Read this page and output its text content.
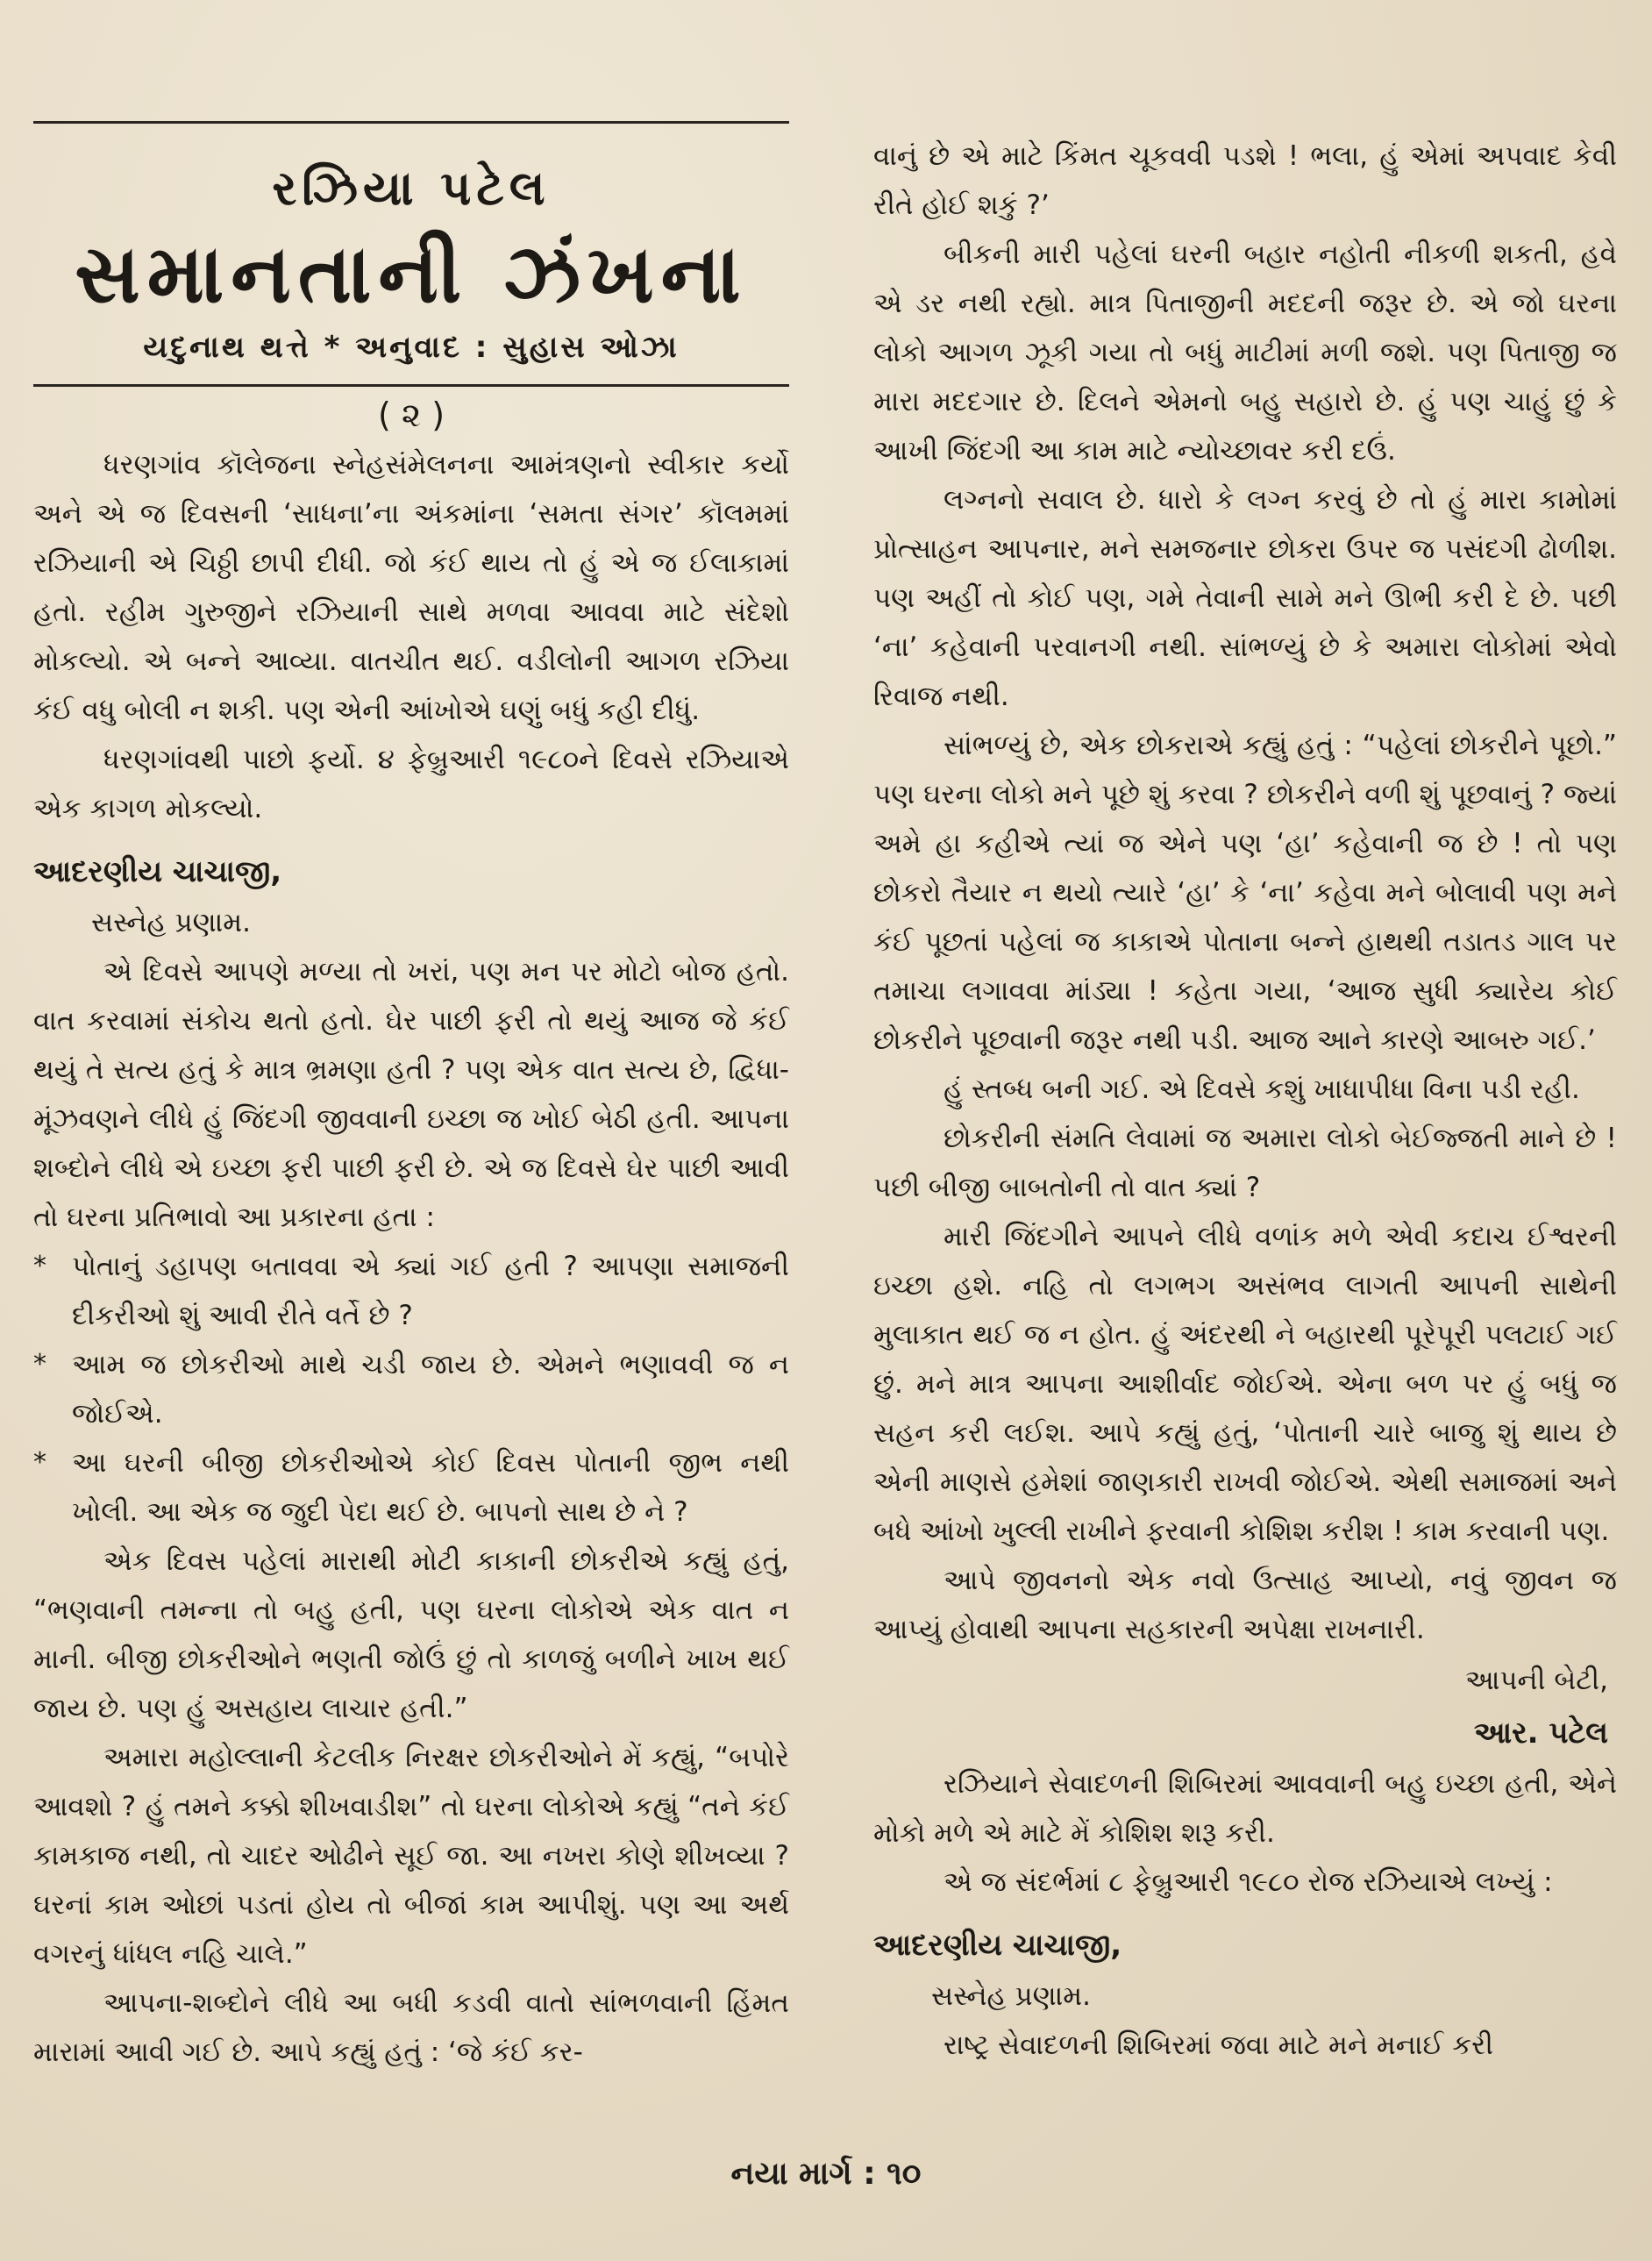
રઝિયા પટેલ
સમાનતાની ઝંખના
યદુનાથ થત્તે * અનુવાદ : સુહાસ ઓઝા
( ૨ )

ધરણગાંવ કૉલેજના સ્નેહસંમેલનના આમંત્રણનો સ્વીકાર કર્યો અને એ જ દિવસની ‘સાધના’ના અંકમાંના ‘સમતા સંગર’ કૉલમમાં રઝિયાની એ ચિઠ્ઠી છાપી દીધી. જો કંઈ થાય તો હું એ જ ઈલાકામાં હતો. રહીમ ગુરુજીને રઝિયાની સાથે મળવા આવવા માટે સંદેશો મોકલ્યો. એ બન્ને આવ્યા. વાતચીત થઈ. વડીલોની આગળ રઝિયા કંઈ વધુ બોલી ન શકી. પણ એની આંખોએ ઘણું બધું કહી દીધું.

ધરણગાંવથી પાછો ફર્યો. ૪ ફેબ્રુઆરી ૧૯૮૦ને દિવસે રઝિયાએ એક કાગળ મોકલ્યો.

આદરણીય ચાચાજી,

સસ્નેહ પ્રણામ.

એ દિવસે આપણે મળ્યા તો ખરાં, પણ મન પર મોટો બોજ હતો. વાત કરવામાં સંકોચ થતો હતો. ઘેર પાછી ફરી તો થયું આજ જે કંઈ થયું તે સત્ય હતું કે માત્ર ભ્રમણા હતી ? પણ એક વાત સત્ય છે, દ્વિધા-મૂંઝવણને લીધે હું જિંદગી જીવવાની ઇચ્છા જ ખોઈ બેઠી હતી. આપના શબ્દોને લીધે એ ઇચ્છા ફરી પાછી ફરી છે. એ જ દિવસે ઘેર પાછી આવી તો ઘરના પ્રતિભાવો આ પ્રકારના હતા :

* પોતાનું ડહાપણ બતાવવા એ ક્યાં ગઈ હતી ? આપણા સમાજની દીકરીઓ શું આવી રીતે વર્તે છે ?
* આમ જ છોકરીઓ માથે ચડી જાય છે. એમને ભણાવવી જ ન જોઈએ.
* આ ઘરની બીજી છોકરીઓએ કોઈ દિવસ પોતાની જીભ નથી ખોલી. આ એક જ જુદી પેદા થઈ છે. બાપનો સાથ છે ને ?

એક દિવસ પહેલાં મારાથી મોટી કાકાની છોકરીએ કહ્યું હતું, “ભણવાની તમન્ના તો બહુ હતી, પણ ઘરના લોકોએ એક વાત ન માની. બીજી છોકરીઓને ભણતી જોઉં છું તો કાળજું બળીને ખાખ થઈ જાય છે. પણ હું અસહાય લાચાર હતી.”

અમારા મહોલ્લાની કેટલીક નિરક્ષર છોકરીઓને મેં કહ્યું, “બપોરે આવશો ? હું તમને કક્કો શીખવાડીશ” તો ઘરના લોકોએ કહ્યું “તને કંઈ કામકાજ નથી, તો ચાદર ઓઢીને સૂઈ જા. આ નખરા કોણે શીખવ્યા ? ઘરનાં કામ ઓછાં પડતાં હોય તો બીજાં કામ આપીશું. પણ આ અર્થ વગરનું ધાંધલ નહિ ચાલે.”

આપના-શબ્દોને લીધે આ બધી કડવી વાતો સાંભળવાની હિંમત મારામાં આવી ગઈ છે. આપે કહ્યું હતું : ‘જે કંઈ કર-

વાનું છે એ માટે કિંમત ચૂકવવી પડશે ! ભલા, હું એમાં અપવાદ કેવી રીતે હોઈ શકું ?’

બીકની મારી પહેલાં ઘરની બહાર નહોતી નીકળી શકતી, હવે એ ડર નથી રહ્યો. માત્ર પિતાજીની મદદની જરૂર છે. એ જો ઘરના લોકો આગળ ઝૂકી ગયા તો બધું માટીમાં મળી જશે. પણ પિતાજી જ મારા મદદગાર છે. દિલને એમનો બહુ સહારો છે. હું પણ ચાહું છું કે આખી જિંદગી આ કામ માટે ન્યોચ્છાવર કરી દઉં.

લગ્નનો સવાલ છે. ધારો કે લગ્ન કરવું છે તો હું મારા કામોમાં પ્રોત્સાહન આપનાર, મને સમજનાર છોકરા ઉપર જ પસંદગી ઢોળીશ. પણ અહીં તો કોઈ પણ, ગમે તેવાની સામે મને ઊભી કરી દે છે. પછી ‘ના’ કહેવાની પરવાનગી નથી. સાંભળ્યું છે કે અમારા લોકોમાં એવો રિવાજ નથી.

સાંભળ્યું છે, એક છોકરાએ કહ્યું હતું : “પહેલાં છોકરીને પૂછો.” પણ ઘરના લોકો મને પૂછે શું કરવા ? છોકરીને વળી શું પૂછવાનું ? જ્યાં અમે હા કહીએ ત્યાં જ એને પણ ‘હા’ કહેવાની જ છે ! તો પણ છોકરો તૈયાર ન થયો ત્યારે ‘હા’ કે ‘ના’ કહેવા મને બોલાવી પણ મને કંઈ પૂછતાં પહેલાં જ કાકાએ પોતાના બન્ને હાથથી તડાતડ ગાલ પર તમાચા લગાવવા માંડ્યા ! કહેતા ગયા, ‘આજ સુધી ક્યારેય કોઈ છોકરીને પૂછવાની જરૂર નથી પડી. આજ આને કારણે આબરુ ગઈ.’

હું સ્તબ્ધ બની ગઈ. એ દિવસે કશું ખાધાપીધા વિના પડી રહી.

છોકરીની સંમતિ લેવામાં જ અમારા લોકો બેઈજ્જતી માને છે ! પછી બીજી બાબતોની તો વાત ક્યાં ?

મારી જિંદગીને આપને લીધે વળાંક મળે એવી કદાચ ઈશ્વરની ઇચ્છા હશે. નહિ તો લગભગ અસંભવ લાગતી આપની સાથેની મુલાકાત થઈ જ ન હોત. હું અંદરથી ને બહારથી પૂરેપૂરી પલટાઈ ગઈ છું. મને માત્ર આપના આશીર્વાદ જોઈએ. એના બળ પર હું બધું જ સહન કરી લઈશ. આપે કહ્યું હતું, ‘પોતાની ચારે બાજુ શું થાય છે એની માણસે હમેશાં જાણકારી રાખવી જોઈએ. એથી સમાજમાં અને બધે આંખો ખુલ્લી રાખીને ફરવાની કોશિશ કરીશ ! કામ કરવાની પણ.

આપે જીવનનો એક નવો ઉત્સાહ આપ્યો, નવું જીવન જ આપ્યું હોવાથી આપના સહકારની અપેક્ષા રાખનારી.

આપની બેટી,
આર. પટેલ

રઝિયાને સેવાદળની શિબિરમાં આવવાની બહુ ઇચ્છા હતી, એને મોકો મળે એ માટે મેં કોશિશ શરૂ કરી.

એ જ સંદર્ભમાં ૮ ફેબ્રુઆરી ૧૯૮૦ રોજ રઝિયાએ લખ્યું :

આદરણીય ચાચાજી,

સસ્નેહ પ્રણામ.

રાષ્ટ્ર સેવાદળની શિબિરમાં જવા માટે મને મનાઈ કરી

નયા માર્ગ : ૧૦
